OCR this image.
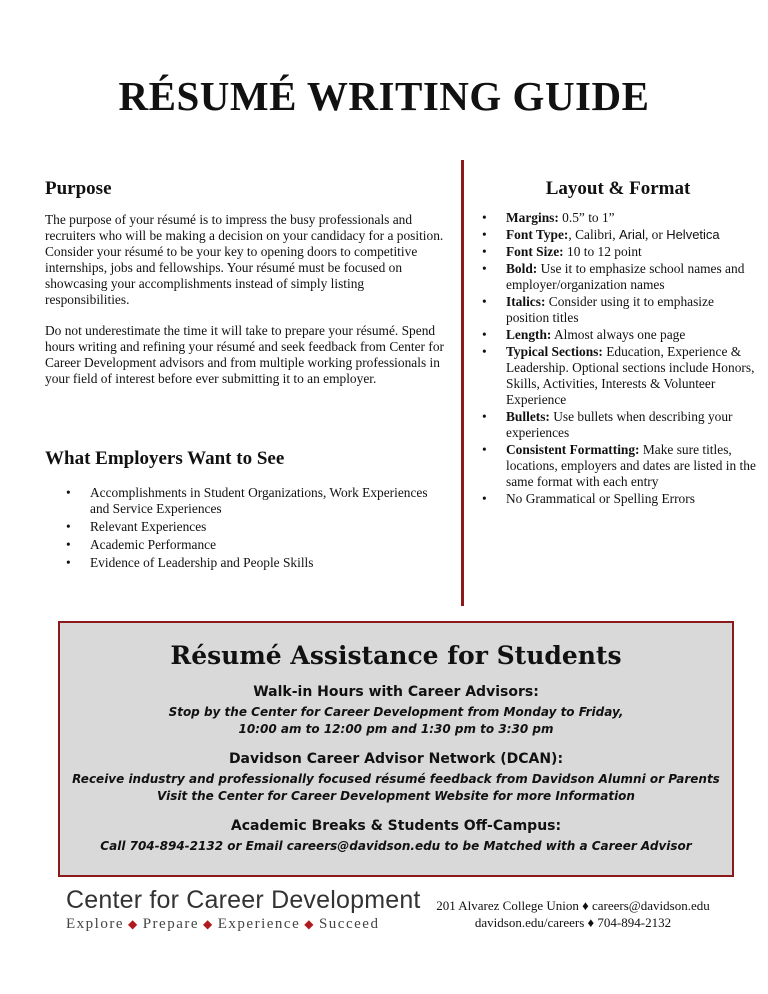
RÉSUMÉ WRITING GUIDE
Purpose

The purpose of your résumé is to impress the busy professionals and recruiters who will be making a decision on your candidacy for a position. Consider your résumé to be your key to opening doors to competitive internships, jobs and fellowships. Your résumé must be focused on showcasing your accomplishments instead of simply listing responsibilities.

Do not underestimate the time it will take to prepare your résumé. Spend hours writing and refining your résumé and seek feedback from Center for Career Development advisors and from multiple working professionals in your field of interest before ever submitting it to an employer.

What Employers Want to See
• Accomplishments in Student Organizations, Work Experiences and Service Experiences
• Relevant Experiences
• Academic Performance
• Evidence of Leadership and People Skills
Layout & Format
• Margins: 0.5” to 1”
• Font Type:, Calibri, Arial, or Helvetica
• Font Size: 10 to 12 point
• Bold: Use it to emphasize school names and employer/organization names
• Italics: Consider using it to emphasize position titles
• Length: Almost always one page
• Typical Sections: Education, Experience & Leadership. Optional sections include Honors, Skills, Activities, Interests & Volunteer Experience
• Bullets: Use bullets when describing your experiences
• Consistent Formatting: Make sure titles, locations, employers and dates are listed in the same format with each entry
• No Grammatical or Spelling Errors
Résumé Assistance for Students
Walk-in Hours with Career Advisors:

Stop by the Center for Career Development from Monday to Friday,

10:00 am to 12:00 pm and 1:30 pm to 3:30 pm

Davidson Career Advisor Network (DCAN):

Receive industry and professionally focused résumé feedback from Davidson Alumni or Parents

Visit the Center for Career Development Website for more Information

Academic Breaks & Students Off-Campus:

Call 704-894-2132 or Email careers@davidson.edu to be Matched with a Career Advisor

Center for Career Development
Explore ◆ Prepare ◆ Experience ◆ Succeed
201 Alvarez College Union ♦ careers@davidson.edu
davidson.edu/careers ♦ 704-894-2132
